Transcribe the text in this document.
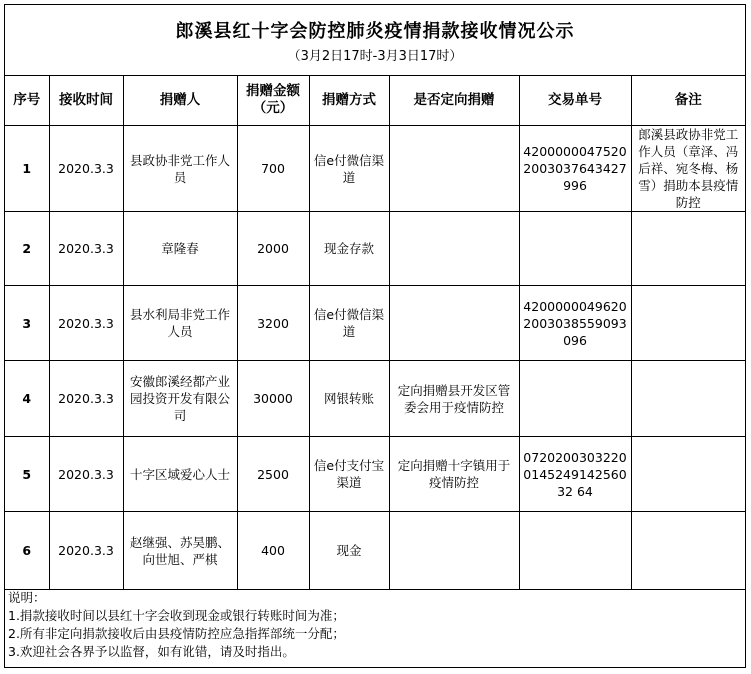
郎溪县红十字会防控肺炎疫情捐款接收情况公示
（3月2日17时-3月3日17时）
序号	接收时间	捐赠人	捐赠金额（元）	捐赠方式	是否定向捐赠	交易单号	备注
1	2020.3.3	县政协非党工作人员	700	信e付微信渠道		42000000475202003037643427996	郎溪县政协非党工作人员（章泽、冯后祥、宛冬梅、杨雪）捐助本县疫情防控
2	2020.3.3	章隆春	2000	现金存款			
3	2020.3.3	县水利局非党工作人员	3200	信e付微信渠道		42000000496202003038559093096	
4	2020.3.3	安徽郎溪经都产业园投资开发有限公司	30000	网银转账	定向捐赠县开发区管委会用于疫情防控		
5	2020.3.3	十字区域爱心人士	2500	信e付支付宝渠道	定向捐赠十字镇用于疫情防控	0720200303220014524914256032 64	
6	2020.3.3	赵继强、苏昊鹏、向世旭、严棋	400	现金			
说明：
1.捐款接收时间以县红十字会收到现金或银行转账时间为准；
2.所有非定向捐款接收后由县疫情防控应急指挥部统一分配；
3.欢迎社会各界予以监督，如有讹错，请及时指出。
